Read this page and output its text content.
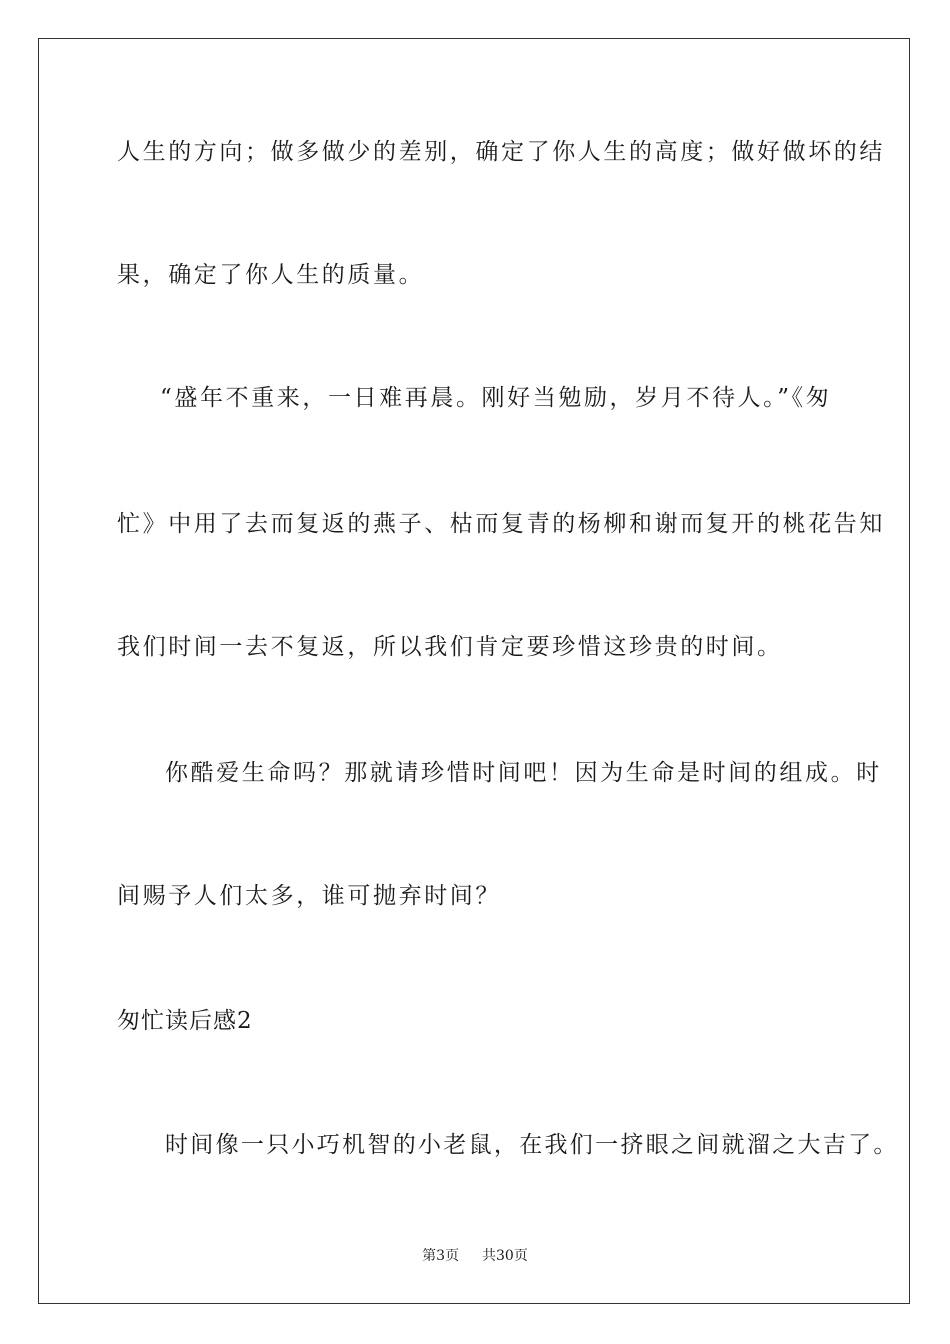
人生的方向；做多做少的差别，确定了你人生的高度；做好做坏的结
果，确定了你人生的质量。
“盛年不重来，一日难再晨。刚好当勉励，岁月不待人。”《匆
忙》中用了去而复返的燕子、枯而复青的杨柳和谢而复开的桃花告知
我们时间一去不复返，所以我们肯定要珍惜这珍贵的时间。
你酷爱生命吗？那就请珍惜时间吧！因为生命是时间的组成。时
间赐予人们太多，谁可抛弃时间？
匆忙读后感2
时间像一只小巧机智的小老鼠，在我们一挤眼之间就溜之大吉了。
第3页 共30页
